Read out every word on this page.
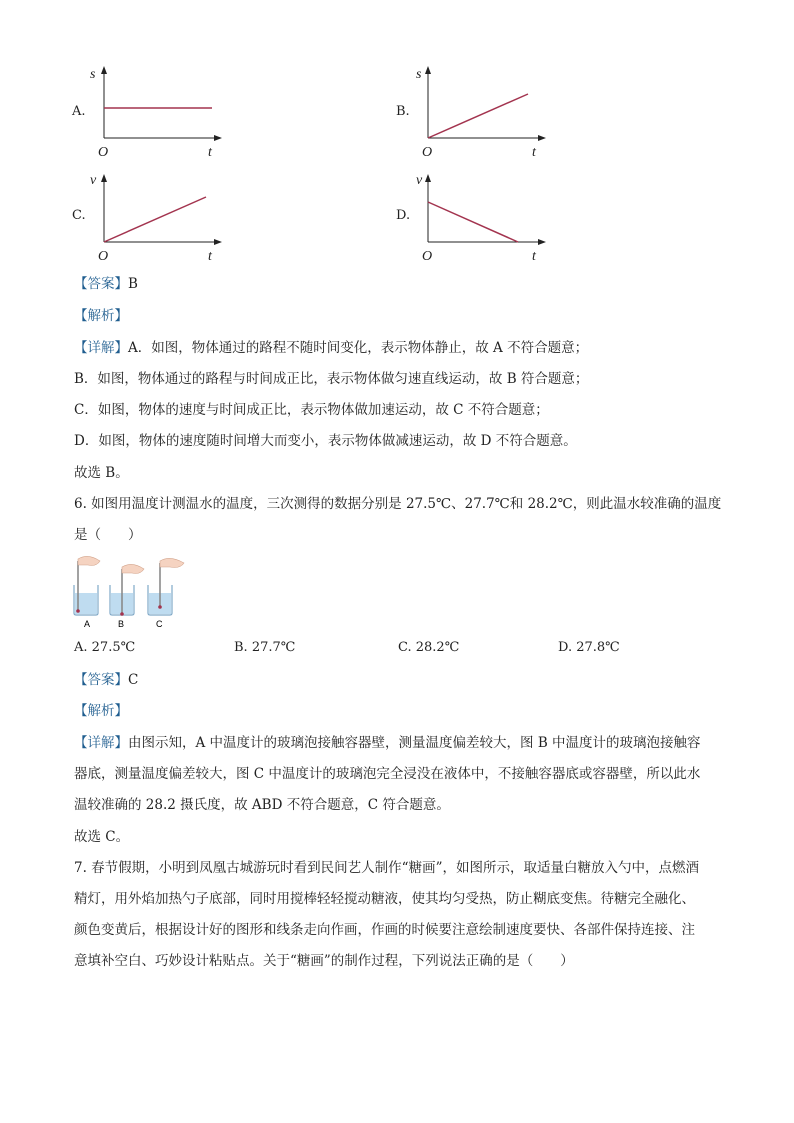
A.
s
O	t
B.
s
O	t
C.
v
O	t
D.
v
O	t
【答案】B
【解析】
【详解】A．如图，物体通过的路程不随时间变化，表示物体静止，故 A 不符合题意；
B．如图，物体通过的路程与时间成正比，表示物体做匀速直线运动，故 B 符合题意；
C．如图，物体的速度与时间成正比，表示物体做加速运动，故 C 不符合题意；
D．如图，物体的速度随时间增大而变小，表示物体做减速运动，故 D 不符合题意。
故选 B。
6. 如图用温度计测温水的温度，三次测得的数据分别是 27.5℃、27.7℃和 28.2℃，则此温水较准确的温度
是（　　）
A	B	C
A. 27.5℃	B. 27.7℃	C. 28.2℃	D. 27.8℃
【答案】C
【解析】
【详解】由图示知，A 中温度计的玻璃泡接触容器壁，测量温度偏差较大，图 B 中温度计的玻璃泡接触容
器底，测量温度偏差较大，图 C 中温度计的玻璃泡完全浸没在液体中，不接触容器底或容器壁，所以此水
温较准确的 28.2 摄氏度，故 ABD 不符合题意，C 符合题意。
故选 C。
7. 春节假期，小明到凤凰古城游玩时看到民间艺人制作“糖画”，如图所示，取适量白糖放入勺中，点燃酒
精灯，用外焰加热勺子底部，同时用搅棒轻轻搅动糖液，使其均匀受热，防止糊底变焦。待糖完全融化、
颜色变黄后，根据设计好的图形和线条走向作画，作画的时候要注意绘制速度要快、各部件保持连接、注
意填补空白、巧妙设计粘贴点。关于“糖画”的制作过程，下列说法正确的是（　　）
